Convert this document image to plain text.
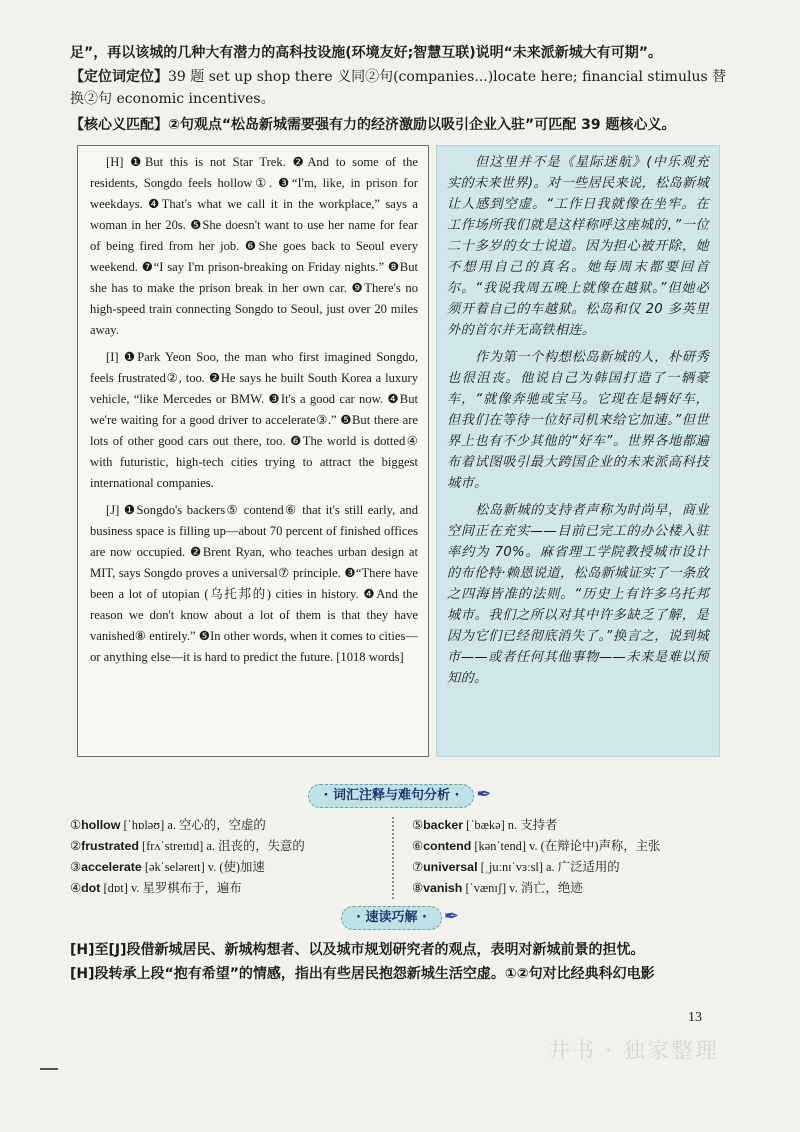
足”，再以该城的几种大有潜力的高科技设施(环境友好;智慧互联)说明“未来派新城大有可期”。
【定位词定位】39 题 set up shop there 义同②句(companies...)locate here; financial stimulus 替换②句 economic incentives。
【核心义匹配】②句观点“松岛新城需要强有力的经济激励以吸引企业入驻”可匹配 39 题核心义。

[H] ❶But this is not Star Trek. ❷And to some of the residents, Songdo feels hollow①. ❸“I'm, like, in prison for weekdays. ❹That's what we call it in the workplace,” says a woman in her 20s. ❺She doesn't want to use her name for fear of being fired from her job. ❻She goes back to Seoul every weekend. ❼“I say I'm prison-breaking on Friday nights.” ❽But she has to make the prison break in her own car. ❾There's no high-speed train connecting Songdo to Seoul, just over 20 miles away.

[I] ❶Park Yeon Soo, the man who first imagined Songdo, feels frustrated②, too. ❷He says he built South Korea a luxury vehicle, “like Mercedes or BMW. ❸It's a good car now. ❹But we're waiting for a good driver to accelerate③.” ❺But there are lots of other good cars out there, too. ❻The world is dotted④ with futuristic, high-tech cities trying to attract the biggest international companies.

[J] ❶Songdo's backers⑤ contend⑥ that it's still early, and business space is filling up—about 70 percent of finished offices are now occupied. ❷Brent Ryan, who teaches urban design at MIT, says Songdo proves a universal⑦ principle. ❸“There have been a lot of utopian (乌托邦的) cities in history. ❹And the reason we don't know about a lot of them is that they have vanished⑧ entirely.” ❺In other words, when it comes to cities—or anything else—it is hard to predict the future. [1018 words]

但这里并不是《星际迷航》(中乐观充实的未来世界)。对一些居民来说，松岛新城让人感到空虚。“工作日我就像在坐牢。在工作场所我们就是这样称呼这座城的，”一位二十多岁的女士说道。因为担心被开除，她不想用自己的真名。她每周末都要回首尔。“我说我周五晚上就像在越狱。”但她必须开着自己的车越狱。松岛和仅 20 多英里外的首尔并无高铁相连。

作为第一个构想松岛新城的人，朴研秀也很沮丧。他说自己为韩国打造了一辆豪车，“就像奔驰或宝马。它现在是辆好车，但我们在等待一位好司机来给它加速。”但世界上也有不少其他的“好车”。世界各地都遍布着试图吸引最大跨国企业的未来派高科技城市。

松岛新城的支持者声称为时尚早，商业空间正在充实——目前已完工的办公楼入驻率约为 70%。麻省理工学院教授城市设计的布伦特·赖恩说道，松岛新城证实了一条放之四海皆准的法则。“历史上有许多乌托邦城市。我们之所以对其中许多缺乏了解，是因为它们已经彻底消失了。”换言之，说到城市——或者任何其他事物——未来是难以预知的。

· 词汇注释与难句分析 · ✒
①hollow [ˈhɒləʊ] a. 空心的，空虚的
②frustrated [frʌˈstreɪtɪd] a. 沮丧的，失意的
③accelerate [əkˈseləreɪt] v. (使)加速
④dot [dɒt] v. 星罗棋布于，遍布
⑤backer [ˈbækə] n. 支持者
⑥contend [kənˈtend] v. (在辩论中)声称，主张
⑦universal [ˌjuːnɪˈvɜːsl] a. 广泛适用的
⑧vanish [ˈvænɪʃ] v. 消亡，绝迹
· 速读巧解 · ✒
[H]至[J]段借新城居民、新城构想者、以及城市规划研究者的观点，表明对新城前景的担忧。
[H]段转承上段“抱有希望”的情感，指出有些居民抱怨新城生活空虚。①②句对比经典科幻电影
13
井书 · 独家整理
